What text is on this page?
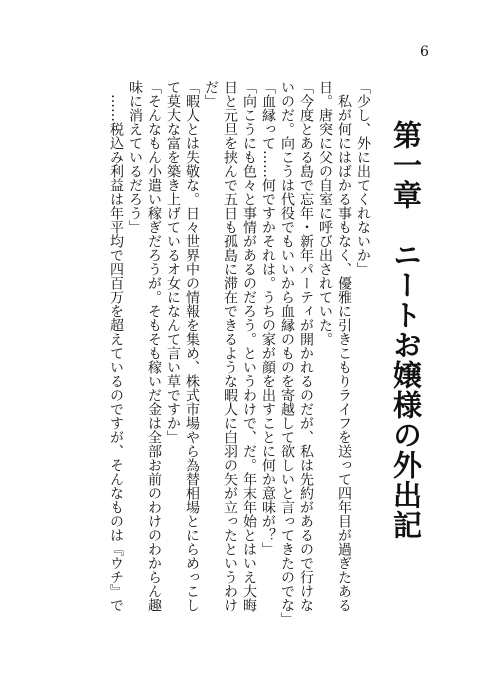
6
第一章　ニートお嬢様の外出記
「少し、外に出てくれないか」
　私が何にはばかる事もなく、優雅に引きこもりライフを送って四年目が過ぎたある
日。唐突に父の自室に呼び出されていた。
「今度とある島で忘年・新年パーティが開かれるのだが、私は先約があるので行けな
いのだ。向こうは代役でもいいから血縁のものを寄越して欲しいと言ってきたのでな」
「血縁って……何ですかそれは。うちの家が顔を出すことに何か意味が？」
「向こうにも色々と事情があるのだろう。というわけで、だ。年末年始とはいえ大晦
日と元旦を挟んで五日も孤島に滞在できるような暇人に白羽の矢が立ったというわけ
だ」
「暇人とは失敬な。日々世界中の情報を集め、株式市場やら為替相場とにらめっこし
て莫大な富を築き上げているオ女になんて言い草ですか」
「そんなもん小遣い稼ぎだろうが。そもそも稼いだ金は全部お前のわけのわからん趣
味に消えているだろう」
　……税込み利益は年平均で四百万を超えているのですが、そんなものは『ウチ』で
